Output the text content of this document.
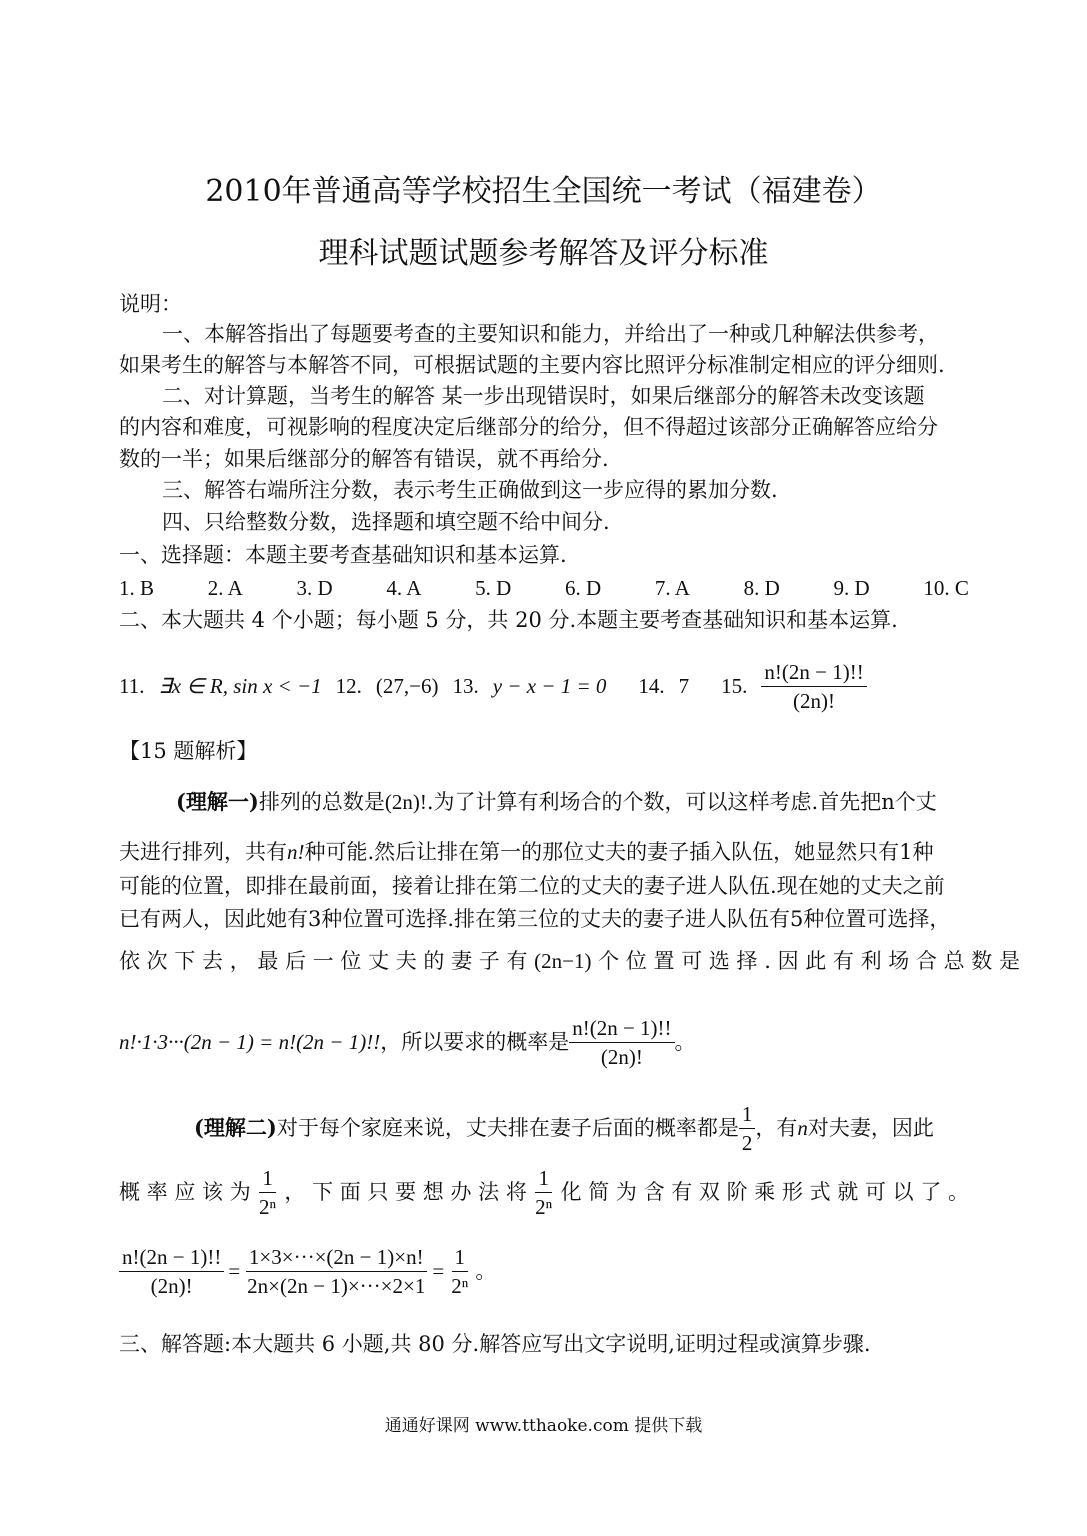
2010年普通高等学校招生全国统一考试（福建卷）
理科试题试题参考解答及评分标准
说明：
一、本解答指出了每题要考查的主要知识和能力，并给出了一种或几种解法供参考，
如果考生的解答与本解答不同，可根据试题的主要内容比照评分标准制定相应的评分细则.
二、对计算题，当考生的解答 某一步出现错误时，如果后继部分的解答未改变该题
的内容和难度，可视影响的程度决定后继部分的给分，但不得超过该部分正确解答应给分
数的一半；如果后继部分的解答有错误，就不再给分.
三、解答右端所注分数，表示考生正确做到这一步应得的累加分数.
四、只给整数分数，选择题和填空题不给中间分.
一、选择题：本题主要考查基础知识和基本运算.
1. B	2. A	3. D	4. A	5. D	6. D	7. A	8. D	9. D	10. C
二、本大题共 4 个小题；每小题 5 分，共 20 分.本题主要考查基础知识和基本运算.
11. ∃x ∈ R, sin x < −1 12. (27,−6) 13. y − x − 1 = 0 14. 7 15. $\frac{n!(2n - 1)!!}{(2n)!}$
【15 题解析】
(理解一)排列的总数是(2n)!.为了计算有利场合的个数，可以这样考虑.首先把n个丈
夫进行排列，共有n!种可能.然后让排在第一的那位丈夫的妻子插入队伍，她显然只有1种
可能的位置，即排在最前面，接着让排在第二位的丈夫的妻子进人队伍.现在她的丈夫之前
已有两人，因此她有3种位置可选择.排在第三位的丈夫的妻子进人队伍有5种位置可选择，
依 次 下 去 ， 最 后 一 位 丈 夫 的 妻 子 有 (2n−1) 个 位 置 可 选 择 . 因 此 有 利 场 合 总 数 是
n!·1·3···(2n − 1) = n!(2n − 1)!! ，所以要求的概率是 $\frac{n!(2n - 1)!!}{(2n)!}$ 。
(理解二) 对于每个家庭来说，丈夫排在妻子后面的概率都是 $\frac{1}{2}$ ，有 n 对夫妻，因此
概 率 应 该 为 $\frac{1}{\text{2ⁿ}}$ ， 下 面 只 要 想 办 法 将 $\frac{1}{\text{2ⁿ}}$ 化 简 为 含 有 双 阶 乘 形 式 就 可 以 了 。
$\frac{n!(2n - 1)!!}{(2n)!} = \frac{1\times 3\times\cdot\cdot\cdot\times(2n - 1)\times n!}{2n\times(2n - 1)\times\cdot\cdot\cdot\times 2\times 1} = \frac{1}{\text{2ⁿ}}$ 。
三、解答题:本大题共 6 小题,共 80 分.解答应写出文字说明,证明过程或演算步骤.
通通好课网 www.tthaoke.com 提供下载
